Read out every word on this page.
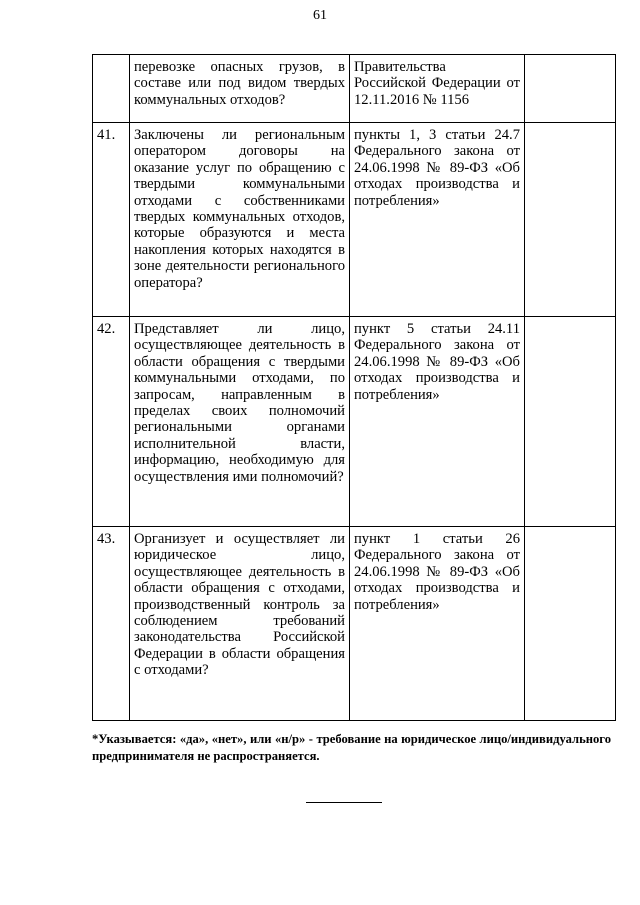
61
	перевозке опасных грузов, в составе или под видом твердых коммунальных отходов?	Правительства Российской Федерации от 12.11.2016 № 1156	
41.	Заключены ли региональным оператором договоры на оказание услуг по обращению с твердыми коммунальными отходами с собственниками твердых коммунальных отходов, которые образуются и места накопления которых находятся в зоне деятельности регионального оператора?	пункты 1, 3 статьи 24.7 Федерального закона от 24.06.1998 № 89-ФЗ «Об отходах производства и потребления»	
42.	Представляет ли лицо, осуществляющее деятельность в области обращения с твердыми коммунальными отходами, по запросам, направленным в пределах своих полномочий региональными органами исполнительной власти, информацию, необходимую для осуществления ими полномочий?	пункт 5 статьи 24.11 Федерального закона от 24.06.1998 № 89-ФЗ «Об отходах производства и потребления»	
43.	Организует и осуществляет ли юридическое лицо, осуществляющее деятельность в области обращения с отходами, производственный контроль за соблюдением требований законодательства Российской Федерации в области обращения с отходами?	пункт 1 статьи 26 Федерального закона от 24.06.1998 № 89-ФЗ «Об отходах производства и потребления»	
*Указывается: «да», «нет», или «н/р» - требование на юридическое лицо/индивидуального предпринимателя не распространяется.
